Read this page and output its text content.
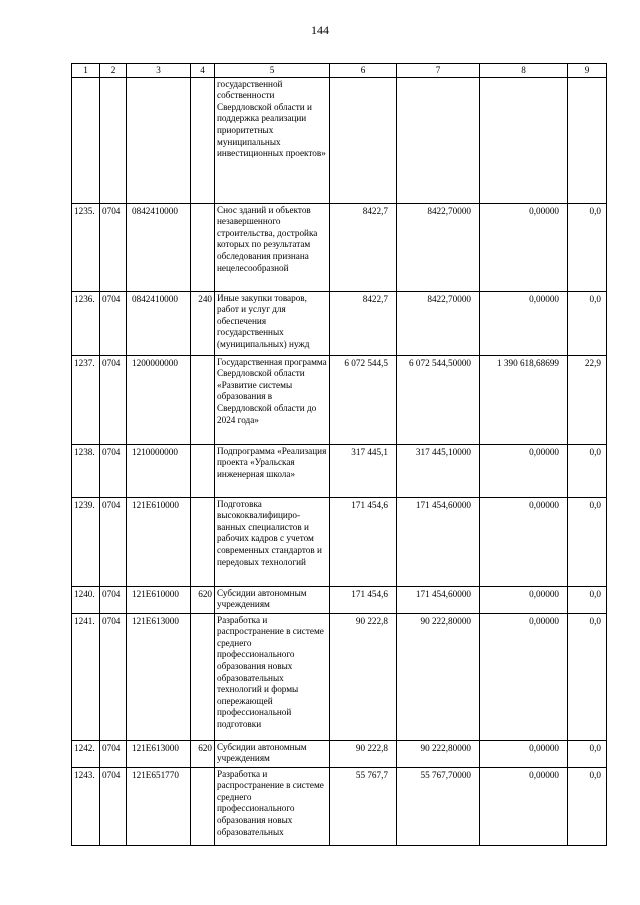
144
1	2	3	4	5	6	7	8	9
				государственной собственности Свердловской области и поддержка реализации приоритетных муниципальных инвестиционных проектов»				
1235.	0704	0842410000		Снос зданий и объектов незавершенного строительства, достройка которых по результатам обследования признана нецелесообразной	8422,7	8422,70000	0,00000	0,0
1236.	0704	0842410000	240	Иные закупки товаров, работ и услуг для обеспечения государственных (муниципальных) нужд	8422,7	8422,70000	0,00000	0,0
1237.	0704	1200000000		Государственная программа Свердловской области «Развитие системы образования в Свердловской области до 2024 года»	6 072 544,5	6 072 544,50000	1 390 618,68699	22,9
1238.	0704	1210000000		Подпрограмма «Реализация проекта «Уральская инженерная школа»	317 445,1	317 445,10000	0,00000	0,0
1239.	0704	121E610000		Подготовка высококвалифициро-ванных специалистов и рабочих кадров с учетом современных стандартов и передовых технологий	171 454,6	171 454,60000	0,00000	0,0
1240.	0704	121E610000	620	Субсидии автономным учреждениям	171 454,6	171 454,60000	0,00000	0,0
1241.	0704	121E613000		Разработка и распространение в системе среднего профессионального образования новых образовательных технологий и формы опережающей профессиональной подготовки	90 222,8	90 222,80000	0,00000	0,0
1242.	0704	121E613000	620	Субсидии автономным учреждениям	90 222,8	90 222,80000	0,00000	0,0
1243.	0704	121E651770		Разработка и распространение в системе среднего профессионального образования новых образовательных	55 767,7	55 767,70000	0,00000	0,0
